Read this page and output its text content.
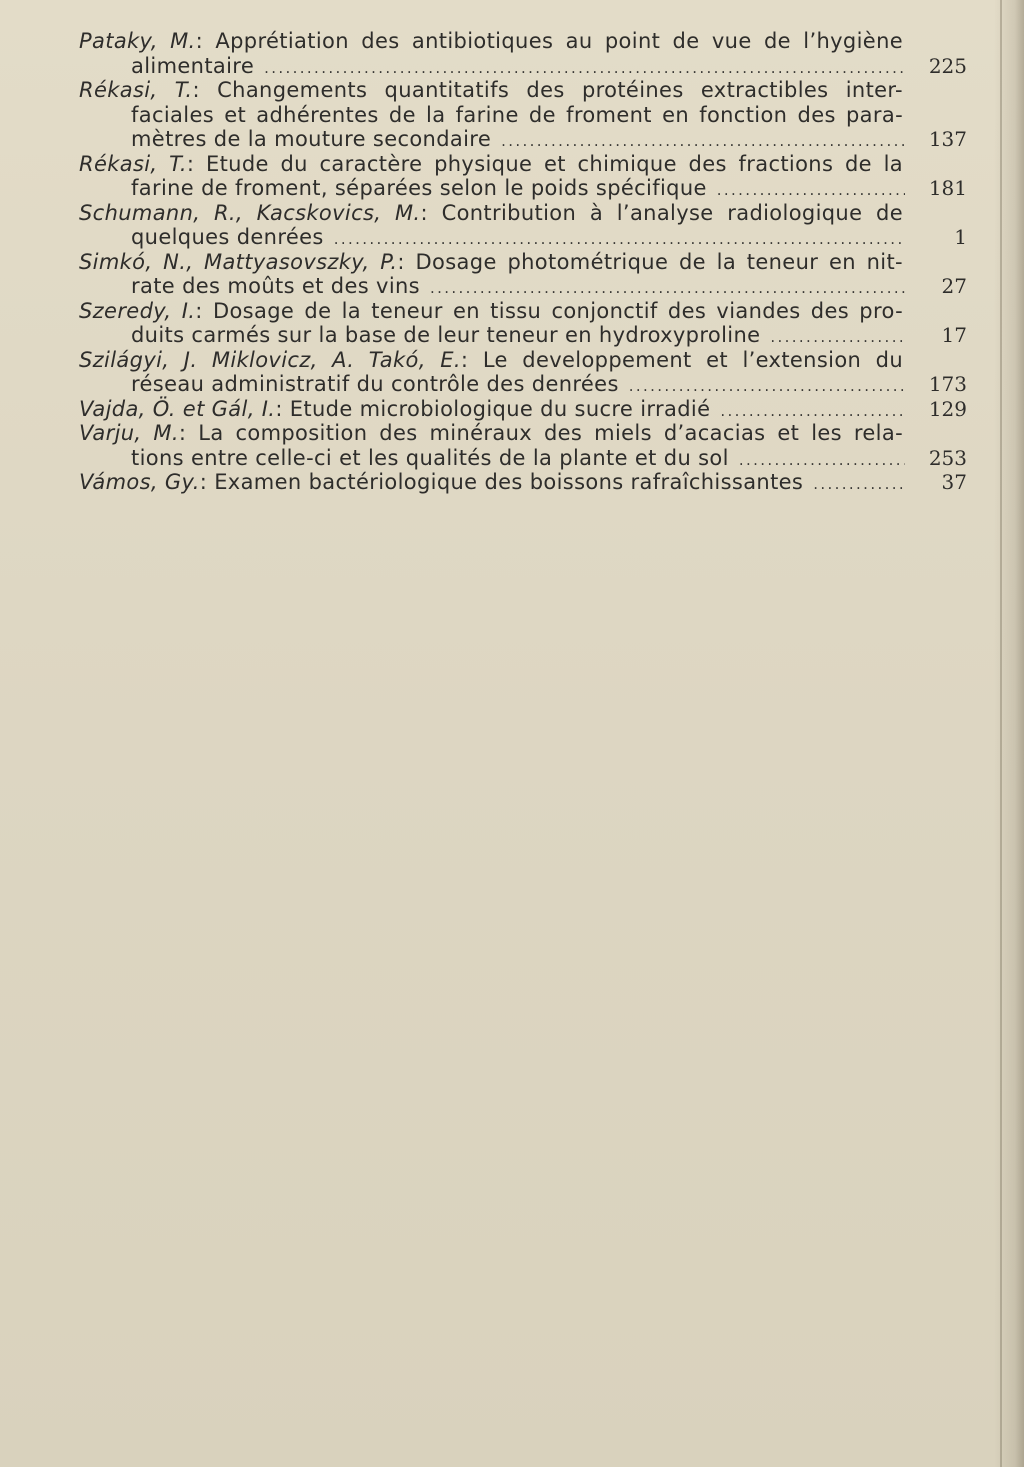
Pataky, M.: Apprétiation des antibiotiques au point de vue de l’hygiène
alimentaire . . .	225
Rékasi, T.: Changements quantitatifs des protéines extractibles inter-
faciales et adhérentes de la farine de froment en fonction des para-
mètres de la mouture secondaire . . .	137
Rékasi, T.: Etude du caractère physique et chimique des fractions de la
farine de froment, séparées selon le poids spécifique . . .	181
Schumann, R., Kacskovics, M.: Contribution à l’analyse radiologique de
quelques denrées . . .	1
Simkó, N., Mattyasovszky, P.: Dosage photométrique de la teneur en nit-
rate des moûts et des vins . . .	27
Szeredy, I.: Dosage de la teneur en tissu conjonctif des viandes des pro-
duits carmés sur la base de leur teneur en hydroxyproline . . .	17
Szilágyi, J. Miklovicz, A. Takó, E.: Le developpement et l’extension du
réseau administratif du contrôle des denrées . . .	173
Vajda, Ö. et Gál, I.: Etude microbiologique du sucre irradié . . .	129
Varju, M.: La composition des minéraux des miels d’acacias et les rela-
tions entre celle-ci et les qualités de la plante et du sol . . .	253
Vámos, Gy.: Examen bactériologique des boissons rafraîchissantes . . .	37
